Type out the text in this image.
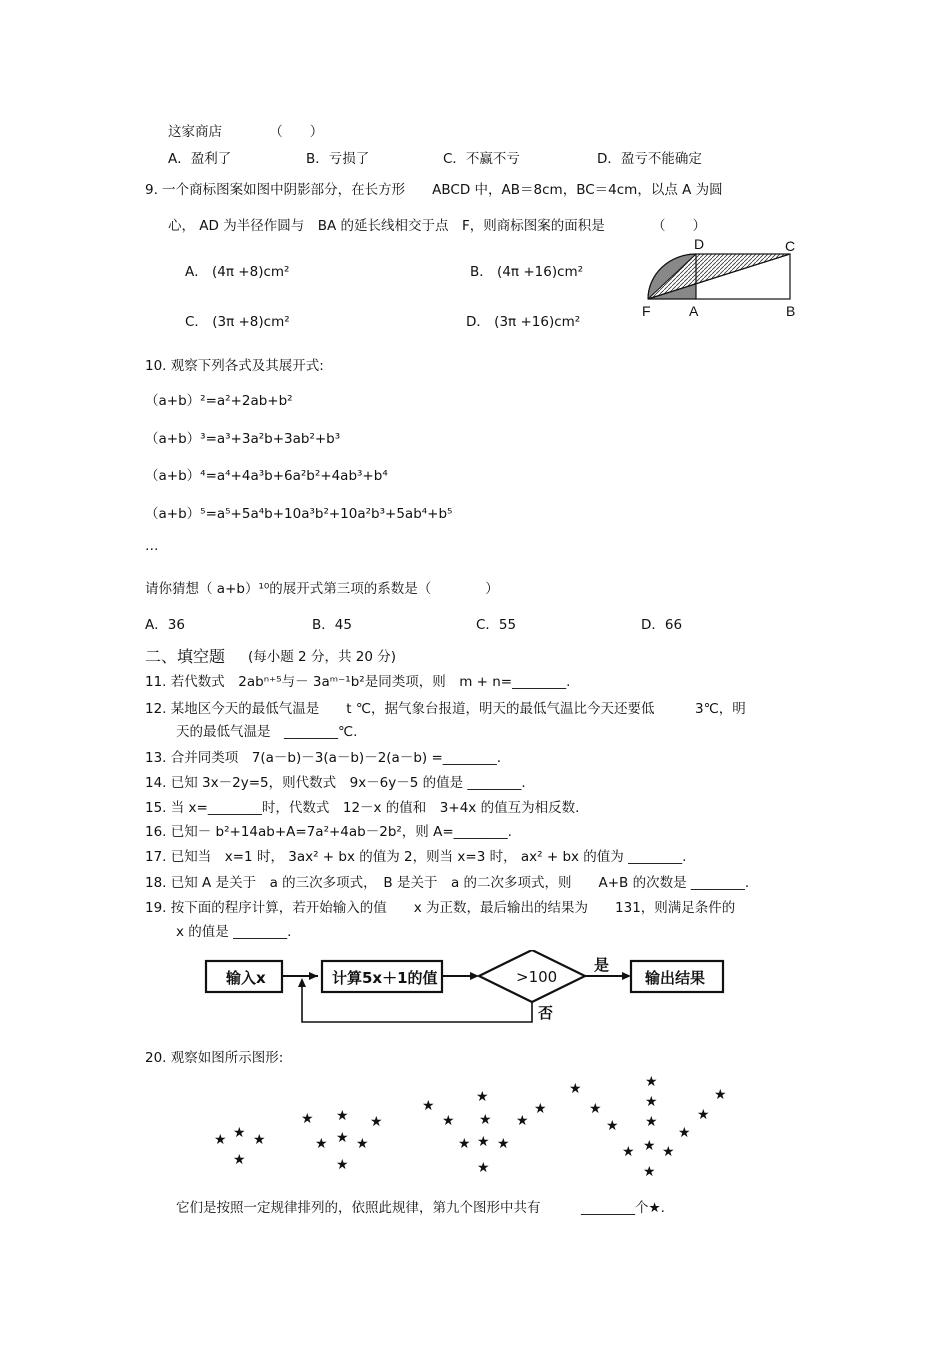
这家商店　　　　（　　）
A．盈利了	B．亏损了	C．不赢不亏	D．盈亏不能确定
9. 一个商标图案如图中阴影部分，在长方形　　ABCD 中，AB＝8cm，BC＝4cm，以点 A 为圆
心， AD 为半径作圆与　BA 的延长线相交于点　F，则商标图案的面积是　　　　（　　）
A． (4π +8)cm²	B． (4π +16)cm²
C． (3π +8)cm²	D． (3π +16)cm²
D	C
F	A	B
10. 观察下列各式及其展开式:
（a+b）²=a²+2ab+b²
（a+b）³=a³+3a²b+3ab²+b³
（a+b）⁴=a⁴+4a³b+6a²b²+4ab³+b⁴
（a+b）⁵=a⁵+5a⁴b+10a³b²+10a²b³+5ab⁴+b⁵
…
请你猜想（ a+b）¹⁰的展开式第三项的系数是（　　　　）
A．36	B．45	C．55	D．66
二、填空题 (每小题 2 分，共 20 分)
11. 若代数式　2abⁿ⁺⁵与－ 3aᵐ⁻¹b²是同类项，则　m + n=________.
12. 某地区今天的最低气温是　　t ℃，据气象台报道，明天的最低气温比今天还要低　　　3℃，明
天的最低气温是　________℃.
13. 合并同类项　7(a－b)－3(a－b)－2(a－b) =________.
14. 已知 3x－2y=5，则代数式　9x－6y－5 的值是 ________.
15. 当 x=________时，代数式　12－x 的值和　3+4x 的值互为相反数.
16. 已知－ b²+14ab+A=7a²+4ab－2b²，则 A=________.
17. 已知当　x=1 时， 3ax² + bx 的值为 2，则当 x=3 时， ax² + bx 的值为 ________.
18. 已知 A 是关于　a 的三次多项式，　B 是关于　a 的二次多项式，则　　A+B 的次数是 ________.
19. 按下面的程序计算，若开始输入的值　　x 为正数，最后输出的结果为　　131，则满足条件的
x 的值是 ________.
输入x	计算5x＋1的值	>100
是
输出结果
否
20. 观察如图所示图形:
★ ★ ★
★
★ ★ ★
★ ★ ★
★
★
★
★
★ ★
★
★ ★ ★
★
★
★
★
★
★
★	★
★
★
★ ★ ★
★
它们是按照一定规律排列的，依照此规律，第九个图形中共有　　　________个★.
